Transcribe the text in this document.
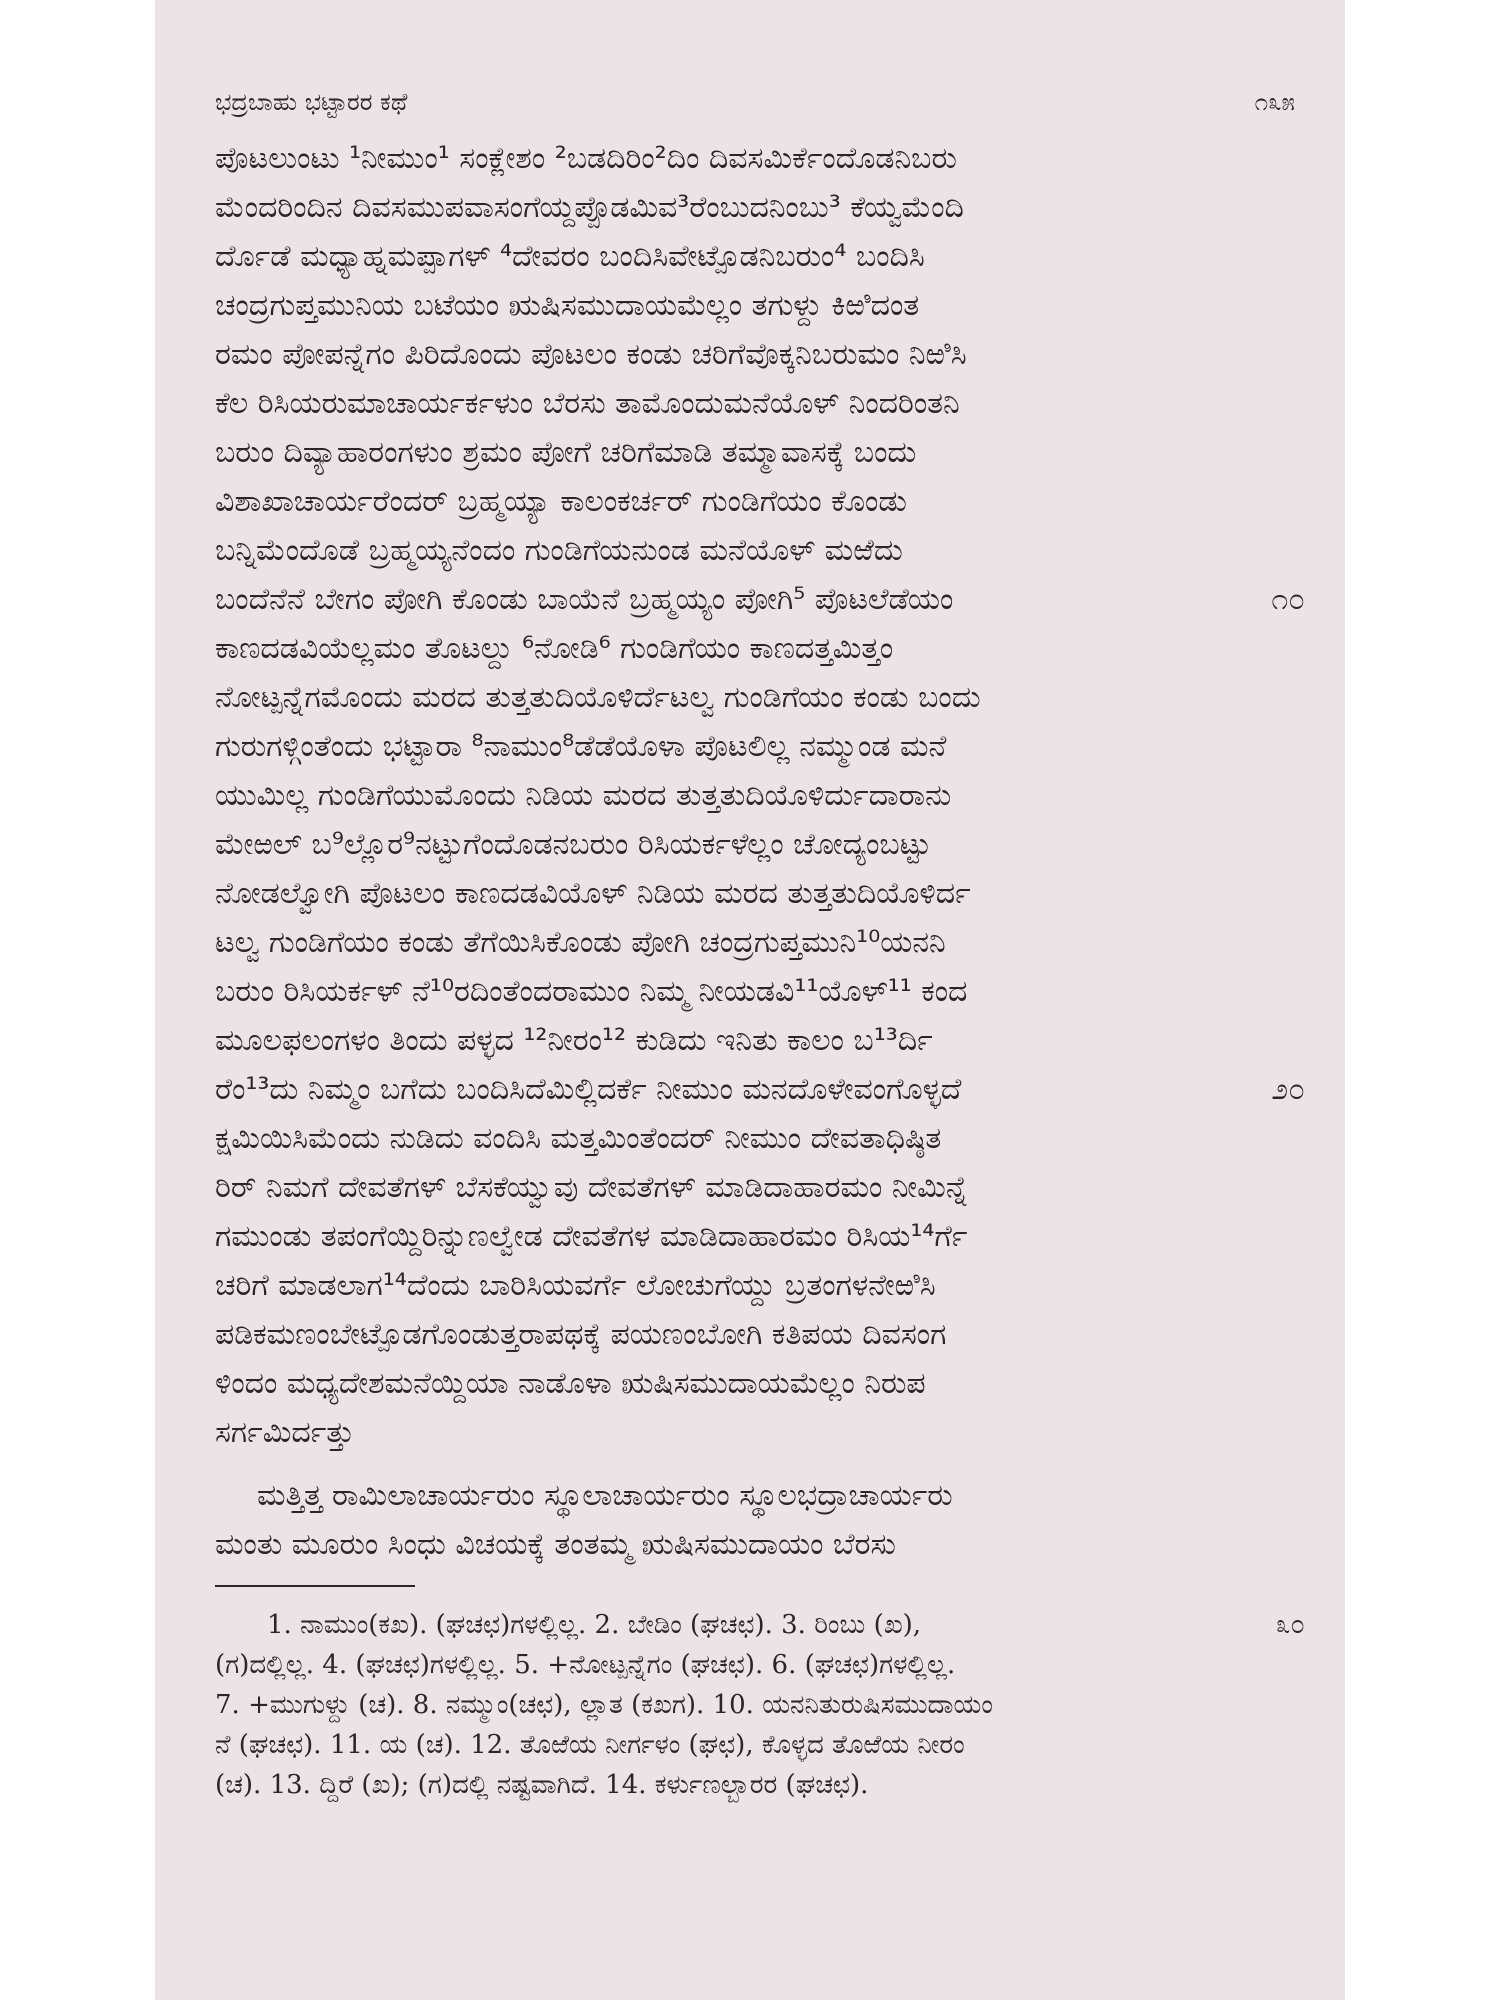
ಭದ್ರಬಾಹು ಭಟ್ಟಾರರ ಕಥೆ	೧೩೫
ಪೊಟಲುಂಟು ¹ನೀಮುಂ¹ ಸಂಕ್ಲೇಶಂ ²ಬಡದಿರಿಂ²ದಿಂ ದಿವಸಮಿರ್ಕೆಂದೊಡನಿಬರು
ಮೆಂದರಿಂದಿನ ದಿವಸಮುಪವಾಸಂಗೆಯ್ದಪ್ಪೊಡಮಿವ³ರೆಂಬುದನಿಂಬು³ ಕೆಯ್ವಮೆಂದಿ
ರ್ದೊಡೆ ಮಧ್ಯಾಹ್ನಮಪ್ಪಾಗಳ್ ⁴ದೇವರಂ ಬಂದಿಸಿವೇಟ್ಪೊಡನಿಬರುಂ⁴ ಬಂದಿಸಿ
ಚಂದ್ರಗುಪ್ತಮುನಿಯ ಬಟೆಯಂ ಋಷಿಸಮುದಾಯಮೆಲ್ಲಂ ತಗುಳ್ದು ಕಿಱಿದಂತ
ರಮಂ ಪೋಪನ್ನೆಗಂ ಪಿರಿದೊಂದು ಪೊಟಲಂ ಕಂಡು ಚರಿಗೆವೊಕ್ಕನಿಬರುಮಂ ನಿಱಿಸಿ
ಕೆಲ ರಿಸಿಯರುಮಾಚಾರ್ಯರ್ಕಳುಂ ಬೆರಸು ತಾಮೊಂದುಮನೆಯೊಳ್ ನಿಂದರಿಂತನಿ
ಬರುಂ ದಿವ್ಯಾಹಾರಂಗಳುಂ ಶ್ರಮಂ ಪೋಗೆ ಚರಿಗೆಮಾಡಿ ತಮ್ಮಾವಾಸಕ್ಕೆ ಬಂದು
ವಿಶಾಖಾಚಾರ್ಯರೆಂದರ್ ಬ್ರಹ್ಮಯ್ಯಾ ಕಾಲಂಕರ್ಚರ್ ಗುಂಡಿಗೆಯಂ ಕೊಂಡು
ಬನ್ನಿಮೆಂದೊಡೆ ಬ್ರಹ್ಮಯ್ಯನೆಂದಂ ಗುಂಡಿಗೆಯನುಂಡ ಮನೆಯೊಳ್ ಮಱೆದು
ಬಂದೆನೆನೆ ಬೇಗಂ ಪೋಗಿ ಕೊಂಡು ಬಾಯೆನೆ ಬ್ರಹ್ಮಯ್ಯಂ ಪೋಗಿ⁵ ಪೊಟಲೆಡೆಯಂ	೧೦
ಕಾಣದಡವಿಯೆಲ್ಲಮಂ ತೊಟಲ್ದು ⁶ನೋಡಿ⁶ ಗುಂಡಿಗೆಯಂ ಕಾಣದತ್ತಮಿತ್ತಂ
ನೋಟ್ಪನ್ನೆಗಮೊಂದು ಮರದ ತುತ್ತತುದಿಯೊಳಿರ್ದೆಟಲ್ವ ಗುಂಡಿಗೆಯಂ ಕಂಡು ಬಂದು
ಗುರುಗಳ್ಗಿಂತೆಂದು ಭಟ್ಟಾರಾ ⁸ನಾಮುಂ⁸ಡೆಡೆಯೊಳಾ ಪೊಟಲಿಲ್ಲ ನಮ್ಮುಂಡ ಮನೆ
ಯುಮಿಲ್ಲ ಗುಂಡಿಗೆಯುಮೊಂದು ನಿಡಿಯ ಮರದ ತುತ್ತತುದಿಯೊಳಿರ್ದುದಾರಾನು
ಮೇಱಲ್ ಬ⁹ಲ್ಲೊರ⁹ನಟ್ಟುಗೆಂದೊಡನಬರುಂ ರಿಸಿಯರ್ಕಳೆಲ್ಲಂ ಚೋದ್ಯಂಬಟ್ಟು
ನೋಡಲ್ವೋಗಿ ಪೊಟಲಂ ಕಾಣದಡವಿಯೊಳ್ ನಿಡಿಯ ಮರದ ತುತ್ತತುದಿಯೊಳಿರ್ದ
ಟಲ್ವ ಗುಂಡಿಗೆಯಂ ಕಂಡು ತೆಗೆಯಿಸಿಕೊಂಡು ಪೋಗಿ ಚಂದ್ರಗುಪ್ತಮುನಿ¹⁰ಯನನಿ
ಬರುಂ ರಿಸಿಯರ್ಕಳ್ ನೆ¹⁰ರದಿಂತೆಂದರಾಮುಂ ನಿಮ್ಮ ನೀಯಡವಿ¹¹ಯೊಳ್¹¹ ಕಂದ
ಮೂಲಫಲಂಗಳಂ ತಿಂದು ಪಳ್ಳದ ¹²ನೀರಂ¹² ಕುಡಿದು ಇನಿತು ಕಾಲಂ ಬ¹³ರ್ದಿ
ರೆಂ¹³ದು ನಿಮ್ಮಂ ಬಗೆದು ಬಂದಿಸಿದೆಮಿಲ್ಲಿದರ್ಕೆ ನೀಮುಂ ಮನದೊಳೇವಂಗೊಳ್ಳದೆ	೨೦
ಕ್ಷಮಿಯಿಸಿಮೆಂದು ನುಡಿದು ವಂದಿಸಿ ಮತ್ತಮಿಂತೆಂದರ್ ನೀಮುಂ ದೇವತಾಧಿಷ್ಠಿತ
ರಿರ್ ನಿಮಗೆ ದೇವತೆಗಳ್ ಬೆಸಕೆಯ್ವುವು ದೇವತೆಗಳ್ ಮಾಡಿದಾಹಾರಮಂ ನೀಮಿನ್ನೆ
ಗಮುಂಡು ತಪಂಗೆಯ್ದಿರಿನ್ನುಣಲ್ವೇಡ ದೇವತೆಗಳ ಮಾಡಿದಾಹಾರಮಂ ರಿಸಿಯ¹⁴ರ್ಗೆ
ಚರಿಗೆ ಮಾಡಲಾಗ¹⁴ದೆಂದು ಬಾರಿಸಿಯವರ್ಗೆ ಲೋಚುಗೆಯ್ದು ಬ್ರತಂಗಳನೇಱಿಸಿ
ಪಡಿಕಮಣಂಬೇಟ್ಪೊಡಗೊಂಡುತ್ತರಾಪಥಕ್ಕೆ ಪಯಣಂಬೋಗಿ ಕತಿಪಯ ದಿವಸಂಗ
ಳಿಂದಂ ಮಧ್ಯದೇಶಮನೆಯ್ದಿಯಾ ನಾಡೊಳಾ ಋಷಿಸಮುದಾಯಮೆಲ್ಲಂ ನಿರುಪ
ಸರ್ಗಮಿರ್ದತ್ತು
ಮತ್ತಿತ್ತ ರಾಮಿಲಾಚಾರ್ಯರುಂ ಸ್ಥೂಲಾಚಾರ್ಯರುಂ ಸ್ಥೂಲಭದ್ರಾಚಾರ್ಯರು
ಮಂತು ಮೂರುಂ ಸಿಂಧು ವಿಚಯಕ್ಕೆ ತಂತಮ್ಮ ಋಷಿಸಮುದಾಯಂ ಬೆರಸು
1. ನಾಮುಂ(ಕಖ). (ಘಚಛ)ಗಳಲ್ಲಿಲ್ಲ. 2. ಬೇಡಿಂ (ಘಚಛ). 3. ರಿಂಬು (ಖ),	೩೦
(ಗ)ದಲ್ಲಿಲ್ಲ. 4. (ಘಚಛ)ಗಳಲ್ಲಿಲ್ಲ. 5. +ನೋಟ್ಪನ್ನೆಗಂ (ಘಚಛ). 6. (ಘಚಛ)ಗಳಲ್ಲಿಲ್ಲ.
7. +ಮುಗುಳ್ದು (ಚ). 8. ನಮ್ಮುಂ(ಚಛ), ಲ್ಲಾತ (ಕಖಗ). 10. ಯನನಿತುರುಷಿಸಮುದಾಯಂ
ನೆ (ಘಚಛ). 11. ಯ (ಚ). 12. ತೊಱೆಯ ನೀರ್ಗಳಂ (ಘಛ), ಕೊಳ್ಳದ ತೊಱೆಯ ನೀರಂ
(ಚ). 13. ದ್ದಿರೆ (ಖ); (ಗ)ದಲ್ಲಿ ನಷ್ಟವಾಗಿದೆ. 14. ಕರ್ಳುಣಲ್ಬಾರರ (ಘಚಛ).
